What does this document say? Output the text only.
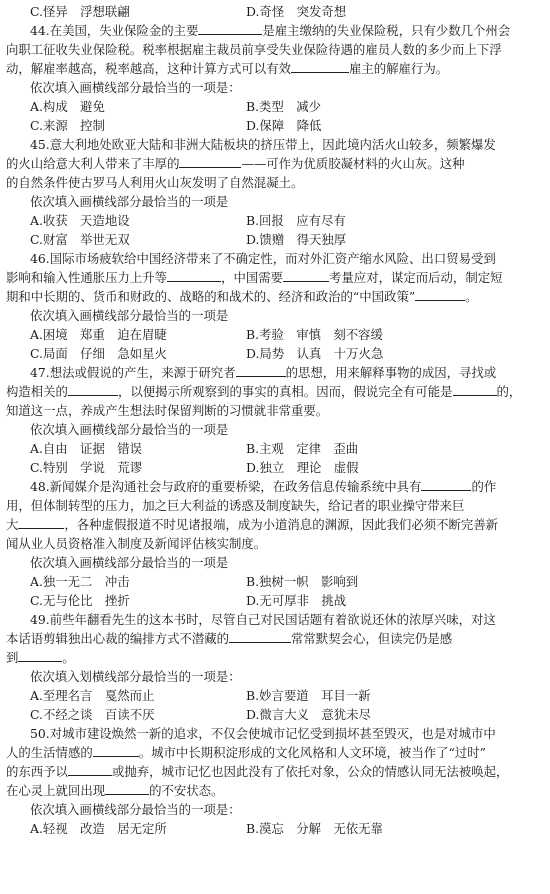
C.怪异　浮想联翩	D.奇怪　突发奇想
44.在美国，失业保险金的主要	是雇主缴纳的失业保险税，只有少数几个州会
向职工征收失业保险税。税率根据雇主裁员前享受失业保险待遇的雇员人数的多少而上下浮
动，解雇率越高，税率越高，这种计算方式可以有效	雇主的解雇行为。
依次填入画横线部分最恰当的一项是：
A.构成　避免	B.类型　减少
C.来源　控制	D.保障　降低
45.意大利地处欧亚大陆和非洲大陆板块的挤压带上，因此境内活火山较多，频繁爆发
的火山给意大利人带来了丰厚的	——可作为优质胶凝材料的火山灰。这种
的自然条件使古罗马人利用火山灰发明了自然混凝土。
依次填入画横线部分最恰当的一项是
A.收获　天造地设	B.回报　应有尽有
C.财富　举世无双	D.馈赠　得天独厚
46.国际市场疲软给中国经济带来了不确定性，而对外汇资产缩水风险、出口贸易受到
影响和输入性通胀压力上升等	，中国需要	考量应对，谋定而后动，制定短
期和中长期的、货币和财政的、战略的和战术的、经济和政治的“中国政策”	。
依次填入画横线部分最恰当的一项是
A.困境　郑重　迫在眉睫	B.考验　审慎　刻不容缓
C.局面　仔细　急如星火	D.局势　认真　十万火急
47.想法或假说的产生，来源于研究者	的思想，用来解释事物的成因，寻找或
构造相关的	，以便揭示所观察到的事实的真相。因而，假说完全有可能是	的，
知道这一点，养成产生想法时保留判断的习惯就非常重要。
依次填入画横线部分最恰当的一项是
A.自由　证据　错误	B.主观　定律　歪曲
C.特别　学说　荒谬	D.独立　理论　虚假
48.新闻媒介是沟通社会与政府的重要桥梁，在政务信息传输系统中具有	的作
用，但体制转型的压力，加之巨大利益的诱惑及制度缺失，给记者的职业操守带来巨
大	，各种虚假报道不时见诸报端，成为小道消息的渊源，因此我们必须不断完善新
闻从业人员资格准入制度及新闻评估核实制度。
依次填入画横线部分最恰当的一项是
A.独一无二　冲击	B.独树一帜　影响到
C.无与伦比　挫折	D.无可厚非　挑战
49.前些年翻看先生的这本书时，尽管自己对民国话题有着欲说还休的浓厚兴味，对这
本话语剪辑独出心裁的编排方式不潜藏的	常常默契会心，但读完仍是感
到	。
依次填入划横线部分最恰当的一项是：
A.至理名言　戛然而止	B.妙言要道　耳目一新
C.不经之谈　百读不厌	D.微言大义　意犹未尽
50.对城市建设焕然一新的追求，不仅会使城市记忆受到损坏甚至毁灭，也是对城市中
人的生活情感的	。城市中长期积淀形成的文化风格和人文环境，被当作了“过时”
的东西予以	或抛弃，城市记忆也因此没有了依托对象，公众的情感认同无法被唤起，
在心灵上就回出现	的不安状态。
依次填入画横线部分最恰当的一项是：
A.轻视　改造　居无定所	B.漠忘　分解　无依无靠
